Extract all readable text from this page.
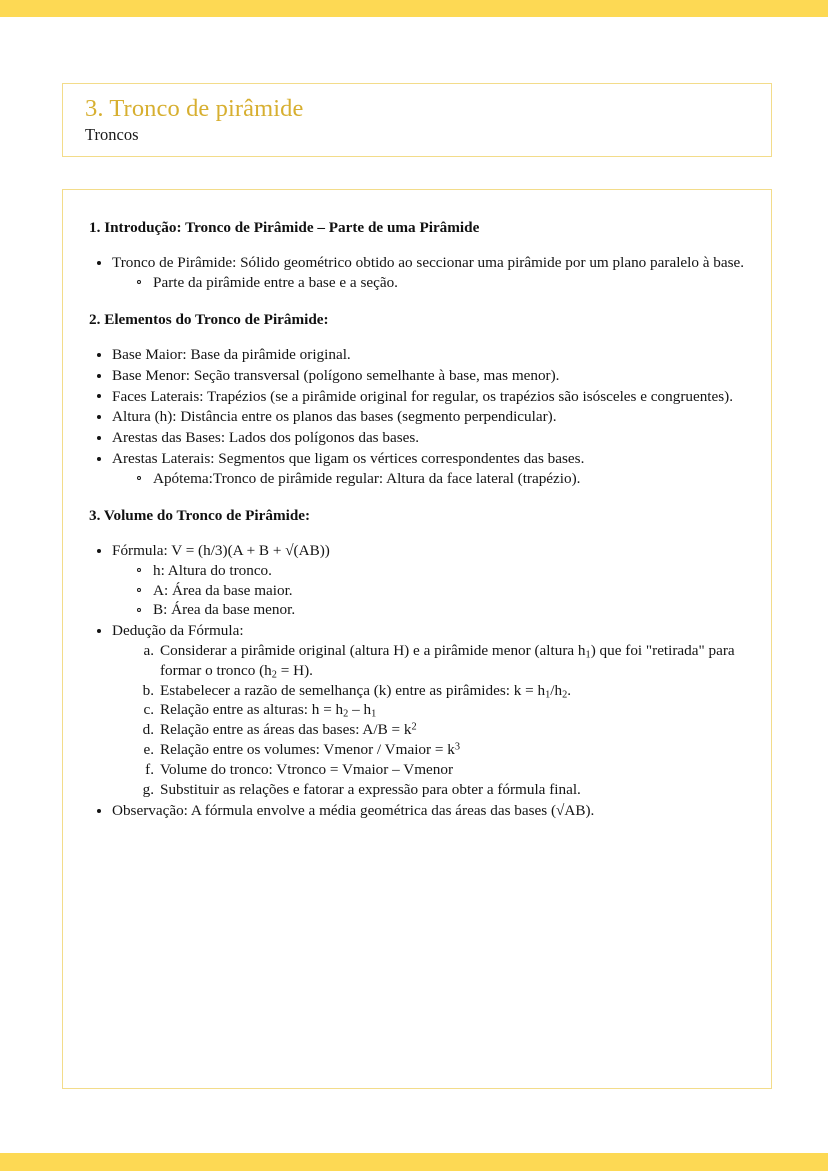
3. Tronco de pirâmide
Troncos
1. Introdução: Tronco de Pirâmide – Parte de uma Pirâmide
Tronco de Pirâmide: Sólido geométrico obtido ao seccionar uma pirâmide por um plano paralelo à base.
Parte da pirâmide entre a base e a seção.
2. Elementos do Tronco de Pirâmide:
Base Maior: Base da pirâmide original.
Base Menor: Seção transversal (polígono semelhante à base, mas menor).
Faces Laterais: Trapézios (se a pirâmide original for regular, os trapézios são isósceles e congruentes).
Altura (h): Distância entre os planos das bases (segmento perpendicular).
Arestas das Bases: Lados dos polígonos das bases.
Arestas Laterais: Segmentos que ligam os vértices correspondentes das bases.
Apótema:Tronco de pirâmide regular: Altura da face lateral (trapézio).
3. Volume do Tronco de Pirâmide:
Fórmula: V = (h/3)(A + B + √(AB))
h: Altura do tronco.
A: Área da base maior.
B: Área da base menor.
Dedução da Fórmula:
a. Considerar a pirâmide original (altura H) e a pirâmide menor (altura $h_1$) que foi "retirada" para formar o tronco $(h_2 = H)$.
b. Estabelecer a razão de semelhança (k) entre as pirâmides: $k = h_1/h_2$.
c. Relação entre as alturas: $h = h_2 - h_1$
d. Relação entre as áreas das bases: $A/B = k^2$
e. Relação entre os volumes: Vmenor / Vmaior = $k^3$
f. Volume do tronco: Vtronco = Vmaior – Vmenor
g. Substituir as relações e fatorar a expressão para obter a fórmula final.
Observação: A fórmula envolve a média geométrica das áreas das bases (√AB).
